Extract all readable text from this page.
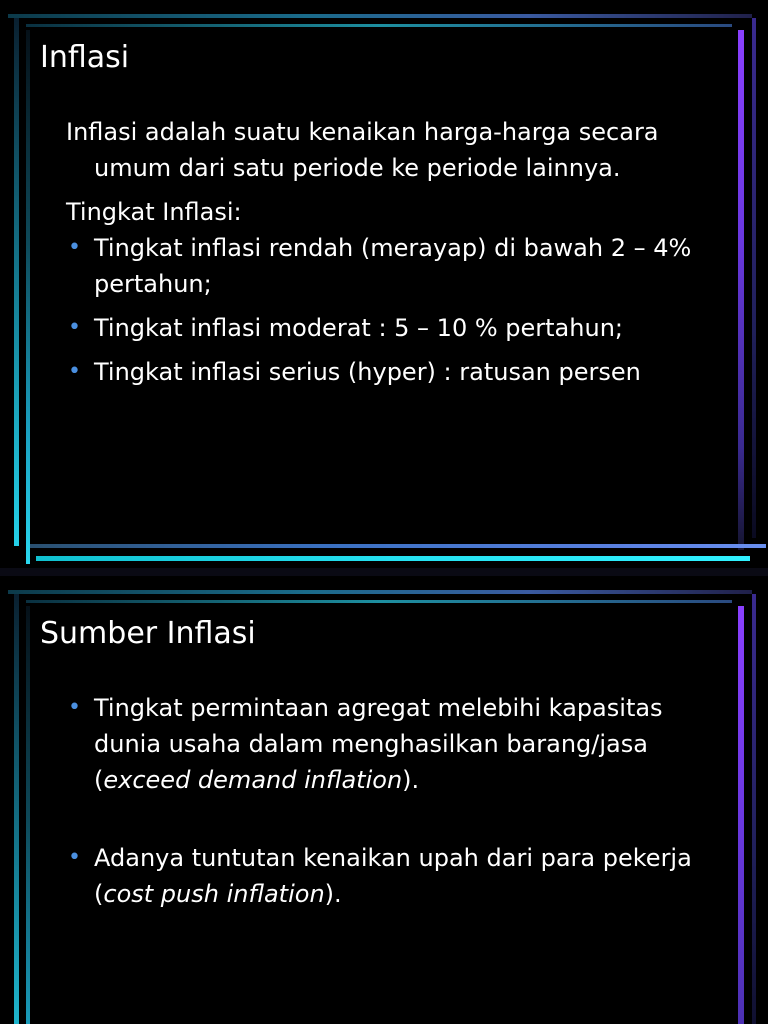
Inflasi

Inflasi adalah suatu kenaikan harga-harga secara umum dari satu periode ke periode lainnya.

Tingkat Inflasi:

• Tingkat inflasi rendah (merayap) di bawah 2 – 4% pertahun;
• Tingkat inflasi moderat : 5 – 10 % pertahun;
• Tingkat inflasi serius (hyper) : ratusan persen
Sumber Inflasi
• Tingkat permintaan agregat melebihi kapasitas dunia usaha dalam menghasilkan barang/jasa (exceed demand inflation).
• Adanya tuntutan kenaikan upah dari para pekerja (cost push inflation).
